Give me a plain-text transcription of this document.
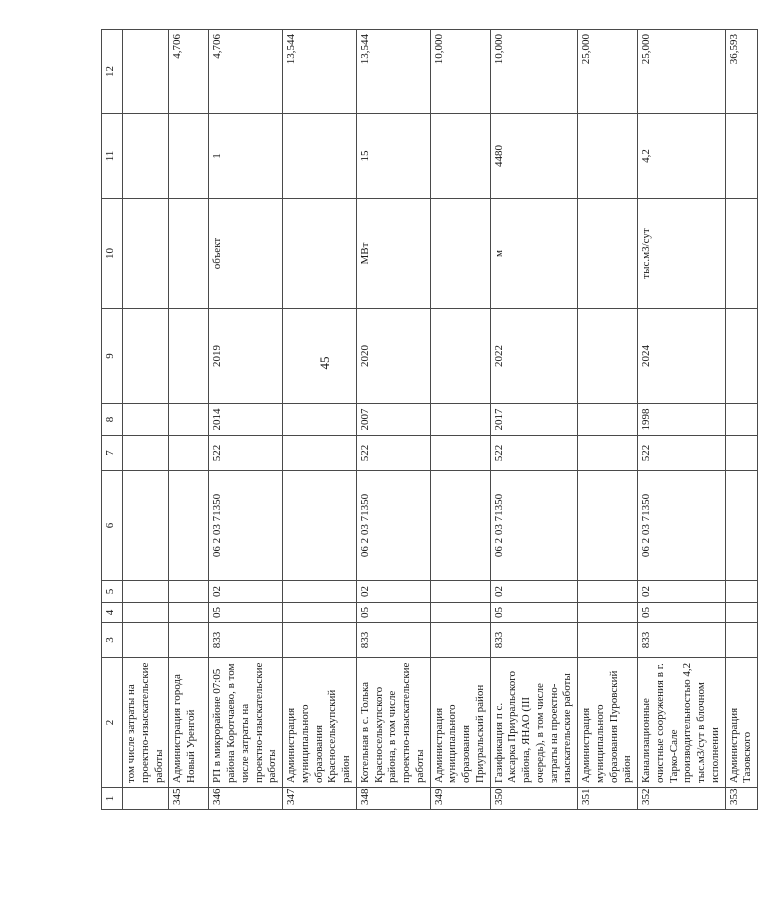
45
1	2	3	4	5	6	7	8	9	10	11	12
	том числе затраты на проектно-изыскательские работы										
345	Администрация города Новый Уренгой										4,706
346	РП в микрорайоне 07:05 района Коротчаево, в том числе затраты на проектно-изыскательские работы	833	05	02	06 2 03 71350	522	2014	2019	объект	1	4,706
347	Администрация муниципального образования Красноселькупский район										13,544
348	Котельная в с. Толька Красноселькупского района, в том числе проектно-изыскательские работы	833	05	02	06 2 03 71350	522	2007	2020	МВт	15	13,544
349	Администрация муниципального образования Приуральский район										10,000
350	Газификация п с. Аксарка Приуральского района, ЯНАО (III очередь), в том числе затраты на проектно-изыскательские работы	833	05	02	06 2 03 71350	522	2017	2022	м	4480	10,000
351	Администрация муниципального образования Пуровский район										25,000
352	Канализационные очистные сооружения в г. Тарко-Сале производительностью 4,2 тыс.м3/сут в блочном исполнении	833	05	02	06 2 03 71350	522	1998	2024	тыс.м3/сут	4,2	25,000
353	Администрация Тазовского										36,593
